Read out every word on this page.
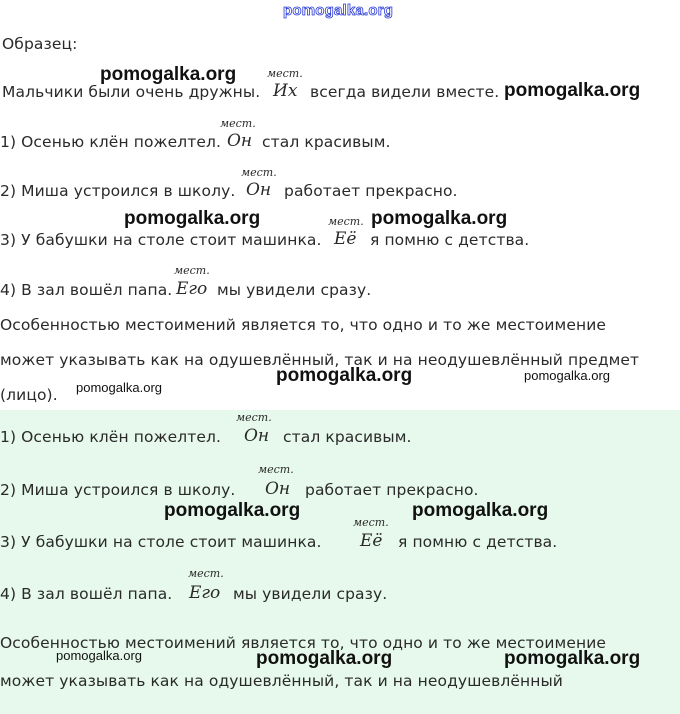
pomogalka.org
Образец:
Мальчики были очень дружны.
мест.
Их всегда видели вместе.
1) Осенью клён пожелтел.
мест.
Он стал красивым.
2) Миша устроился в школу.
мест.
Он работает прекрасно.
3) У бабушки на столе стоит машинка.
мест.
Её я помню с детства.
4) В зал вошёл папа.
мест.
Его мы увидели сразу.
Особенностью местоимений является то, что одно и то же местоимение
может указывать как на одушевлённый, так и на неодушевлённый предмет
(лицо).
pomogalka.org
pomogalka.org
pomogalka.org	pomogalka.org
pomogalka.org
pomogalka.org
pomogalka.org
1) Осенью клён пожелтел.
мест.
Он стал красивым.
2) Миша устроился в школу.
мест.
Он работает прекрасно.
3) У бабушки на столе стоит машинка.
мест.
Её я помню с детства.
4) В зал вошёл папа.
мест.
Его мы увидели сразу.
Особенностью местоимений является то, что одно и то же местоимение
может указывать как на одушевлённый, так и на неодушевлённый
pomogalka.org	pomogalka.org
pomogalka.org	pomogalka.org
pomogalka.org
